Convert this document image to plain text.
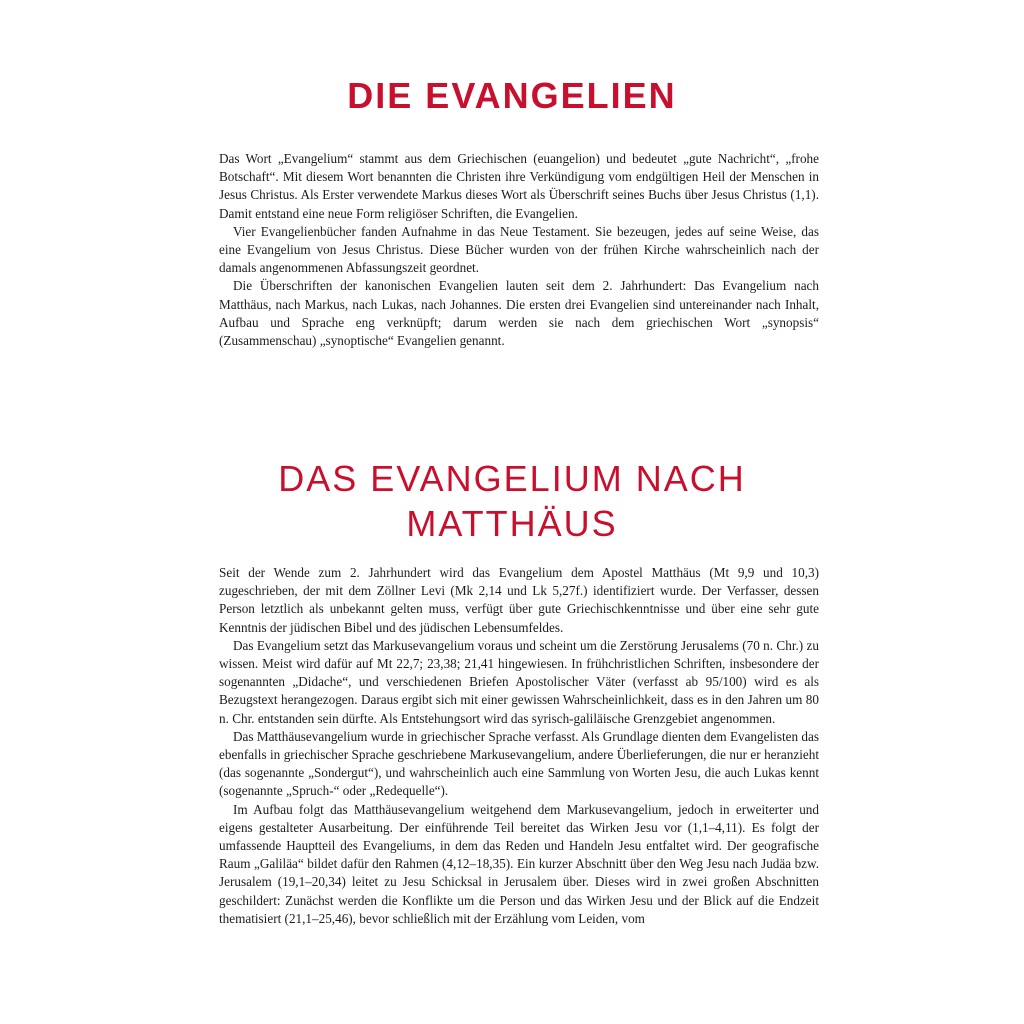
DIE EVANGELIEN

Das Wort „Evangelium“ stammt aus dem Griechischen (euangelion) und bedeutet „gute Nachricht“, „frohe Botschaft“. Mit diesem Wort benannten die Christen ihre Verkündigung vom endgültigen Heil der Menschen in Jesus Christus. Als Erster verwendete Markus dieses Wort als Überschrift seines Buchs über Jesus Christus (1,1). Damit entstand eine neue Form religiöser Schriften, die Evangelien.

Vier Evangelienbücher fanden Aufnahme in das Neue Testament. Sie bezeugen, jedes auf seine Weise, das eine Evangelium von Jesus Christus. Diese Bücher wurden von der frühen Kirche wahrscheinlich nach der damals angenommenen Abfassungszeit geordnet.

Die Überschriften der kanonischen Evangelien lauten seit dem 2. Jahrhundert: Das Evangelium nach Matthäus, nach Markus, nach Lukas, nach Johannes. Die ersten drei Evangelien sind untereinander nach Inhalt, Aufbau und Sprache eng verknüpft; darum werden sie nach dem griechischen Wort „synopsis“ (Zusammenschau) „synoptische“ Evangelien genannt.

DAS EVANGELIUM NACH
MATTHÄUS

Seit der Wende zum 2. Jahrhundert wird das Evangelium dem Apostel Matthäus (Mt 9,9 und 10,3) zugeschrieben, der mit dem Zöllner Levi (Mk 2,14 und Lk 5,27f.) identifiziert wurde. Der Verfasser, dessen Person letztlich als unbekannt gelten muss, verfügt über gute Griechischkenntnisse und über eine sehr gute Kenntnis der jüdischen Bibel und des jüdischen Lebensumfeldes.

Das Evangelium setzt das Markusevangelium voraus und scheint um die Zerstörung Jerusalems (70 n. Chr.) zu wissen. Meist wird dafür auf Mt 22,7; 23,38; 21,41 hingewiesen. In frühchristlichen Schriften, insbesondere der sogenannten „Didache“, und verschiedenen Briefen Apostolischer Väter (verfasst ab 95/100) wird es als Bezugstext herangezogen. Daraus ergibt sich mit einer gewissen Wahrscheinlichkeit, dass es in den Jahren um 80 n. Chr. entstanden sein dürfte. Als Entstehungsort wird das syrisch-galiläische Grenzgebiet angenommen.

Das Matthäusevangelium wurde in griechischer Sprache verfasst. Als Grundlage dienten dem Evangelisten das ebenfalls in griechischer Sprache geschriebene Markusevangelium, andere Überlieferungen, die nur er heranzieht (das sogenannte „Sondergut“), und wahrscheinlich auch eine Sammlung von Worten Jesu, die auch Lukas kennt (sogenannte „Spruch-“ oder „Redequelle“).

Im Aufbau folgt das Matthäusevangelium weitgehend dem Markusevangelium, jedoch in erweiterter und eigens gestalteter Ausarbeitung. Der einführende Teil bereitet das Wirken Jesu vor (1,1–4,11). Es folgt der umfassende Hauptteil des Evangeliums, in dem das Reden und Handeln Jesu entfaltet wird. Der geografische Raum „Galiläa“ bildet dafür den Rahmen (4,12–18,35). Ein kurzer Abschnitt über den Weg Jesu nach Judäa bzw. Jerusalem (19,1–20,34) leitet zu Jesu Schicksal in Jerusalem über. Dieses wird in zwei großen Abschnitten geschildert: Zunächst werden die Konflikte um die Person und das Wirken Jesu und der Blick auf die Endzeit thematisiert (21,1–25,46), bevor schließlich mit der Erzählung vom Leiden, vom
